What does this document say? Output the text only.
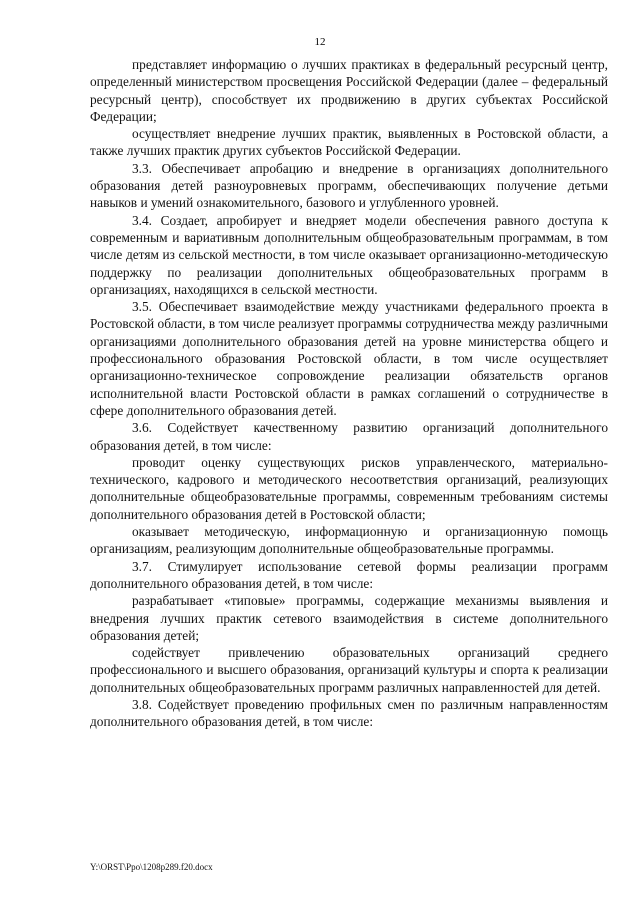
12

представляет информацию о лучших практиках в федеральный ресурсный центр, определенный министерством просвещения Российской Федерации (далее – федеральный ресурсный центр), способствует их продвижению в других субъектах Российской Федерации;

осуществляет внедрение лучших практик, выявленных в Ростовской области, а также лучших практик других субъектов Российской Федерации.

3.3. Обеспечивает апробацию и внедрение в организациях дополнительного образования детей разноуровневых программ, обеспечивающих получение детьми навыков и умений ознакомительного, базового и углубленного уровней.

3.4. Создает, апробирует и внедряет модели обеспечения равного доступа к современным и вариативным дополнительным общеобразовательным программам, в том числе детям из сельской местности, в том числе оказывает организационно-методическую поддержку по реализации дополнительных общеобразовательных программ в организациях, находящихся в сельской местности.

3.5. Обеспечивает взаимодействие между участниками федерального проекта в Ростовской области, в том числе реализует программы сотрудничества между различными организациями дополнительного образования детей на уровне министерства общего и профессионального образования Ростовской области, в том числе осуществляет организационно-техническое сопровождение реализации обязательств органов исполнительной власти Ростовской области в рамках соглашений о сотрудничестве в сфере дополнительного образования детей.

3.6. Содействует качественному развитию организаций дополнительного образования детей, в том числе:

проводит оценку существующих рисков управленческого, материально-технического, кадрового и методического несоответствия организаций, реализующих дополнительные общеобразовательные программы, современным требованиям системы дополнительного образования детей в Ростовской области;

оказывает методическую, информационную и организационную помощь организациям, реализующим дополнительные общеобразовательные программы.

3.7. Стимулирует использование сетевой формы реализации программ дополнительного образования детей, в том числе:

разрабатывает «типовые» программы, содержащие механизмы выявления и внедрения лучших практик сетевого взаимодействия в системе дополнительного образования детей;

содействует привлечению образовательных организаций среднего профессионального и высшего образования, организаций культуры и спорта к реализации дополнительных общеобразовательных программ различных направленностей для детей.

3.8. Содействует проведению профильных смен по различным направленностям дополнительного образования детей, в том числе:

Y:\ORST\Ppo\1208p289.f20.docx
